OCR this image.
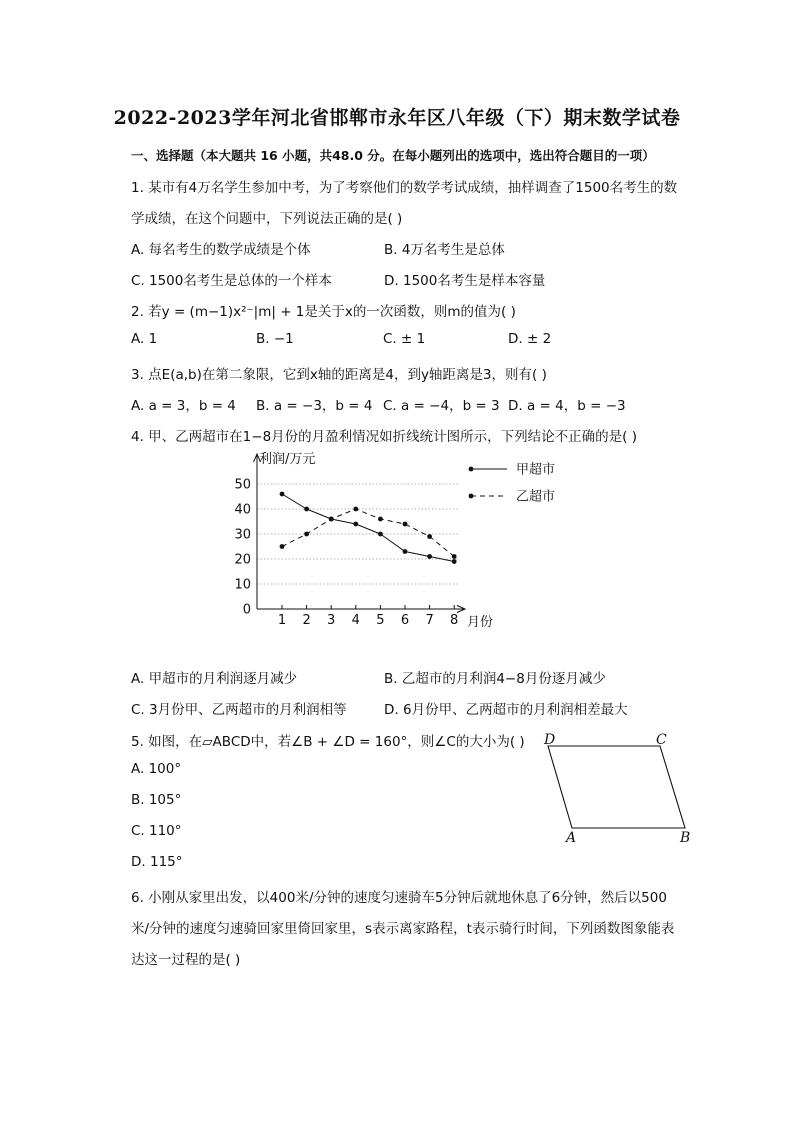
2022-2023学年河北省邯郸市永年区八年级（下）期末数学试卷
一、选择题（本大题共 16 小题，共48.0 分。在每小题列出的选项中，选出符合题目的一项）
1. 某市有4万名学生参加中考，为了考察他们的数学考试成绩，抽样调查了1500名考生的数
学成绩，在这个问题中，下列说法正确的是( )
A. 每名考生的数学成绩是个体	B. 4万名考生是总体
C. 1500名考生是总体的一个样本	D. 1500名考生是样本容量
2. 若y = (m−1)x²⁻|m| + 1是关于x的一次函数，则m的值为( )
A. 1	B. −1	C. ± 1	D. ± 2
3. 点E(a,b)在第二象限，它到x轴的距离是4，到y轴距离是3，则有( )
A. a = 3，b = 4 B. a = −3，b = 4 C. a = −4，b = 3 D. a = 4，b = −3
4. 甲、乙两超市在1−8月份的月盈利情况如折线统计图所示，下列结论不正确的是( )
0
10
20
30
40
50
1 2 3 4 5 6 7 8
甲超市
乙超市
利润/万元
月份
A. 甲超市的月利润逐月减少	B. 乙超市的月利润4−8月份逐月减少
C. 3月份甲、乙两超市的月利润相等	D. 6月份甲、乙两超市的月利润相差最大
5. 如图，在▱ABCD中，若∠B + ∠D = 160°，则∠C的大小为( )
A. 100°
B. 105°
C. 110°
D. 115°
D	C
A	B
6. 小刚从家里出发，以400米/分钟的速度匀速骑车5分钟后就地休息了6分钟，然后以500
米/分钟的速度匀速骑回家里倚回家里，s表示离家路程，t表示骑行时间，下列函数图象能表
达这一过程的是( )
